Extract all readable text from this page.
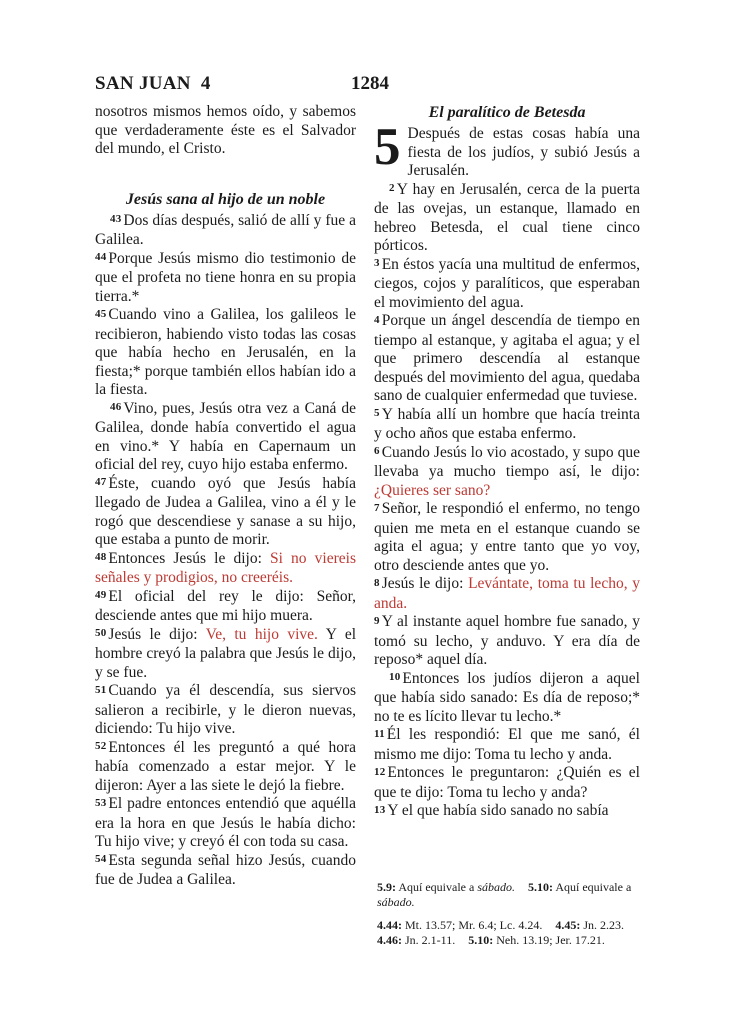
SAN JUAN  4	1284

nosotros mismos hemos oído, y sabemos que verdaderamente éste es el Salvador del mundo, el Cristo.

Jesús sana al hijo de un noble

43 Dos días después, salió de allí y fue a Galilea.

44 Porque Jesús mismo dio testimonio de que el profeta no tiene honra en su propia tierra.*

45 Cuando vino a Galilea, los galileos le recibieron, habiendo visto todas las cosas que había hecho en Jerusalén, en la fiesta;* porque también ellos habían ido a la fiesta.

46 Vino, pues, Jesús otra vez a Caná de Galilea, donde había convertido el agua en vino.* Y había en Capernaum un oficial del rey, cuyo hijo estaba enfermo.

47 Éste, cuando oyó que Jesús había llegado de Judea a Galilea, vino a él y le rogó que descendiese y sanase a su hijo, que estaba a punto de morir.

48 Entonces Jesús le dijo: Si no viereis señales y prodigios, no creeréis.

49 El oficial del rey le dijo: Señor, desciende antes que mi hijo muera.

50 Jesús le dijo: Ve, tu hijo vive. Y el hombre creyó la palabra que Jesús le dijo, y se fue.

51 Cuando ya él descendía, sus siervos salieron a recibirle, y le dieron nuevas, diciendo: Tu hijo vive.

52 Entonces él les preguntó a qué hora había comenzado a estar mejor. Y le dijeron: Ayer a las siete le dejó la fiebre.

53 El padre entonces entendió que aquélla era la hora en que Jesús le había dicho: Tu hijo vive; y creyó él con toda su casa.

54 Esta segunda señal hizo Jesús, cuando fue de Judea a Galilea.

El paralítico de Betesda

5 Después de estas cosas había una fiesta de los judíos, y subió Jesús a Jerusalén.

2 Y hay en Jerusalén, cerca de la puerta de las ovejas, un estanque, llamado en hebreo Betesda, el cual tiene cinco pórticos.

3 En éstos yacía una multitud de enfermos, ciegos, cojos y paralíticos, que esperaban el movimiento del agua.

4 Porque un ángel descendía de tiempo en tiempo al estanque, y agitaba el agua; y el que primero descendía al estanque después del movimiento del agua, quedaba sano de cualquier enfermedad que tuviese.

5 Y había allí un hombre que hacía treinta y ocho años que estaba enfermo.

6 Cuando Jesús lo vio acostado, y supo que llevaba ya mucho tiempo así, le dijo: ¿Quieres ser sano?

7 Señor, le respondió el enfermo, no tengo quien me meta en el estanque cuando se agita el agua; y entre tanto que yo voy, otro desciende antes que yo.

8 Jesús le dijo: Levántate, toma tu lecho, y anda.

9 Y al instante aquel hombre fue sanado, y tomó su lecho, y anduvo. Y era día de reposo* aquel día.

10 Entonces los judíos dijeron a aquel que había sido sanado: Es día de reposo;* no te es lícito llevar tu lecho.*

11 Él les respondió: El que me sanó, él mismo me dijo: Toma tu lecho y anda.

12 Entonces le preguntaron: ¿Quién es el que te dijo: Toma tu lecho y anda?

13 Y el que había sido sanado no sabía

5.9: Aquí equivale a sábado. 5.10: Aquí equivale a sábado.

4.44: Mt. 13.57; Mr. 6.4; Lc. 4.24. 4.45: Jn. 2.23. 4.46: Jn. 2.1-11. 5.10: Neh. 13.19; Jer. 17.21.
